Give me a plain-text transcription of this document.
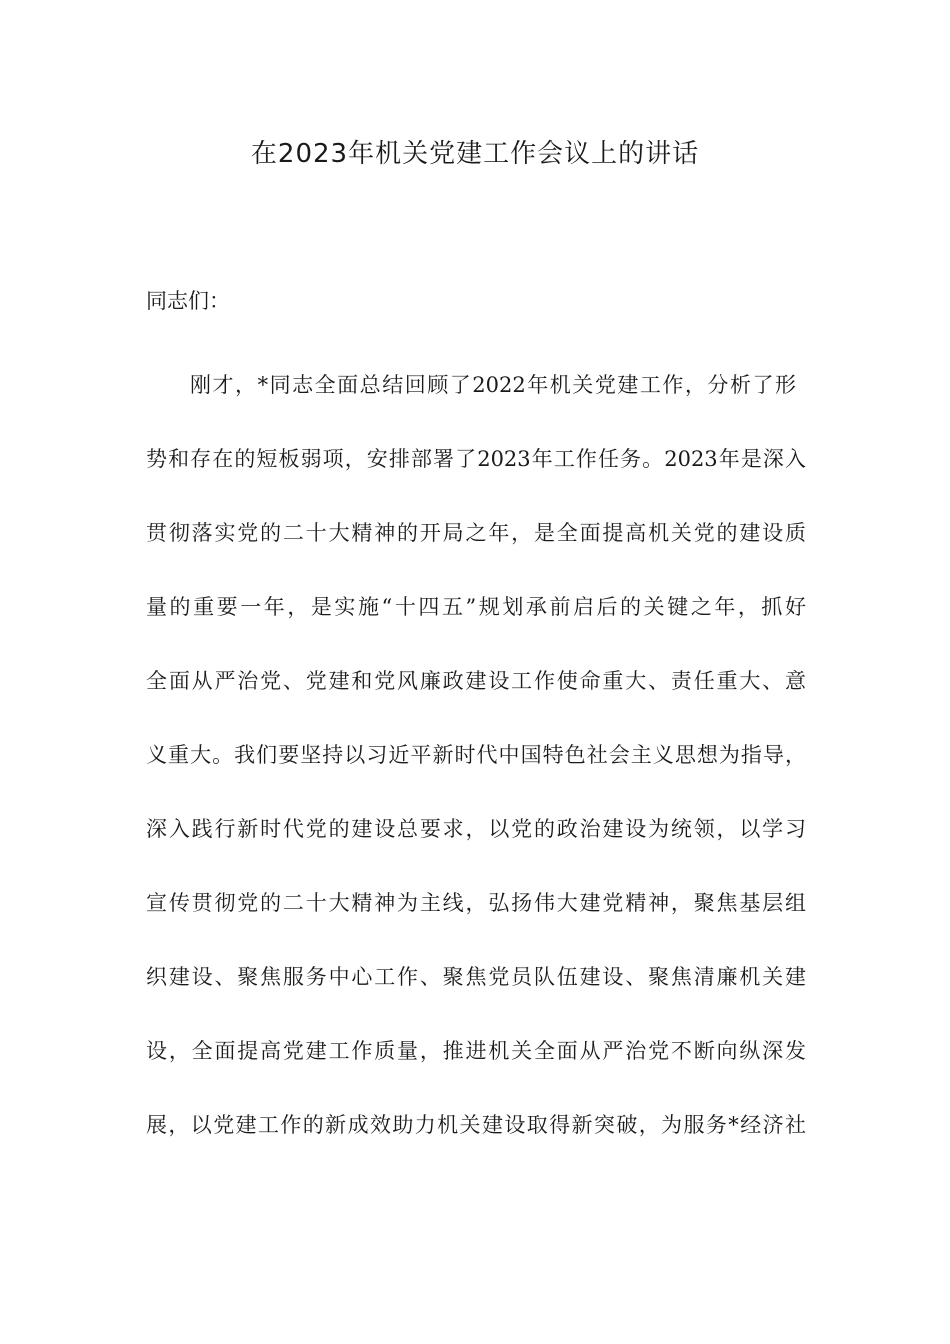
在2023年机关党建工作会议上的讲话
同志们：
刚才，*同志全面总结回顾了2022年机关党建工作，分析了形
势和存在的短板弱项，安排部署了2023年工作任务。2023年是深入
贯彻落实党的二十大精神的开局之年，是全面提高机关党的建设质
量的重要一年，是实施“十四五”规划承前启后的关键之年，抓好
全面从严治党、党建和党风廉政建设工作使命重大、责任重大、意
义重大。我们要坚持以习近平新时代中国特色社会主义思想为指导，
深入践行新时代党的建设总要求，以党的政治建设为统领，以学习
宣传贯彻党的二十大精神为主线，弘扬伟大建党精神，聚焦基层组
织建设、聚焦服务中心工作、聚焦党员队伍建设、聚焦清廉机关建
设，全面提高党建工作质量，推进机关全面从严治党不断向纵深发
展，以党建工作的新成效助力机关建设取得新突破，为服务*经济社
